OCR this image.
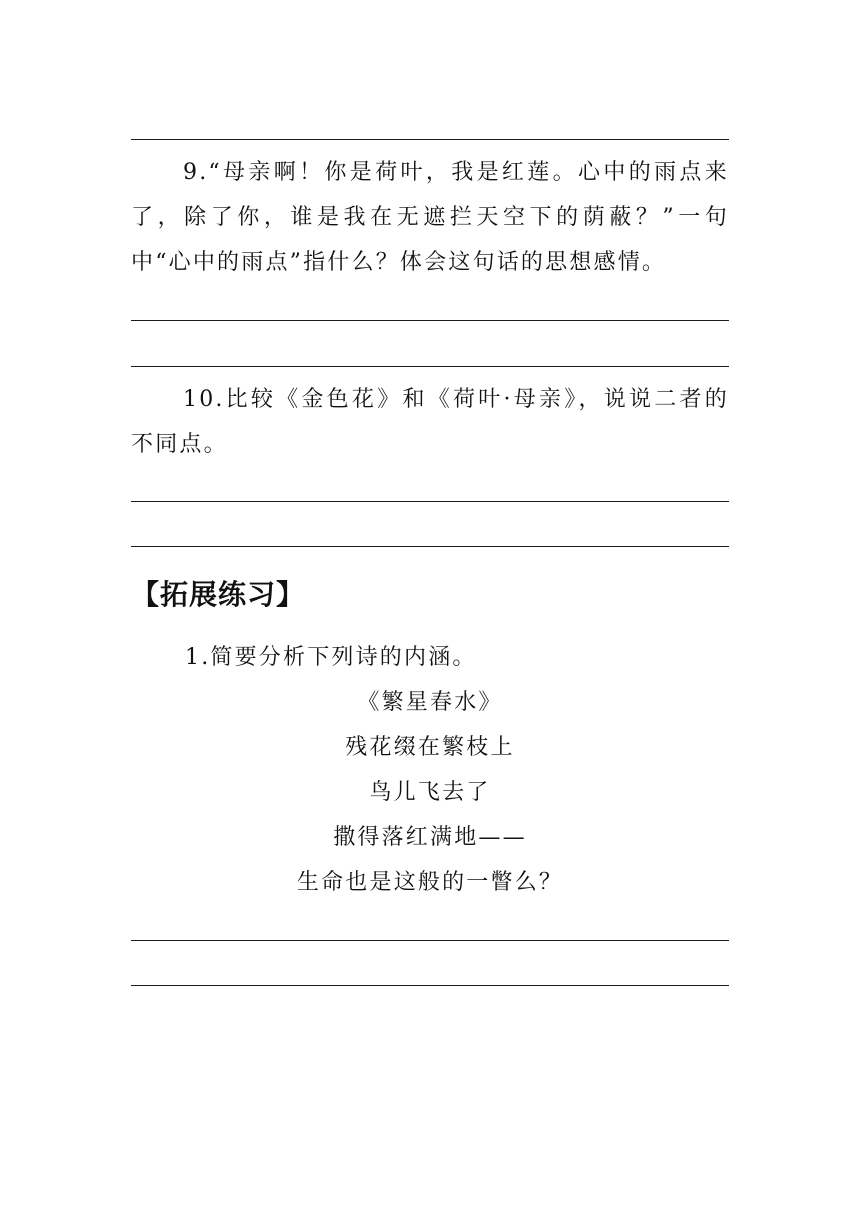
9.“母亲啊！你是荷叶，我是红莲。心中的雨点来了，除了你，谁是我在无遮拦天空下的荫蔽？”一句中“心中的雨点”指什么？体会这句话的思想感情。

10.比较《金色花》和《荷叶·母亲》，说说二者的不同点。

【拓展练习】

1.简要分析下列诗的内涵。

《繁星春水》
残花缀在繁枝上
鸟儿飞去了
撒得落红满地——
生命也是这般的一瞥么？
